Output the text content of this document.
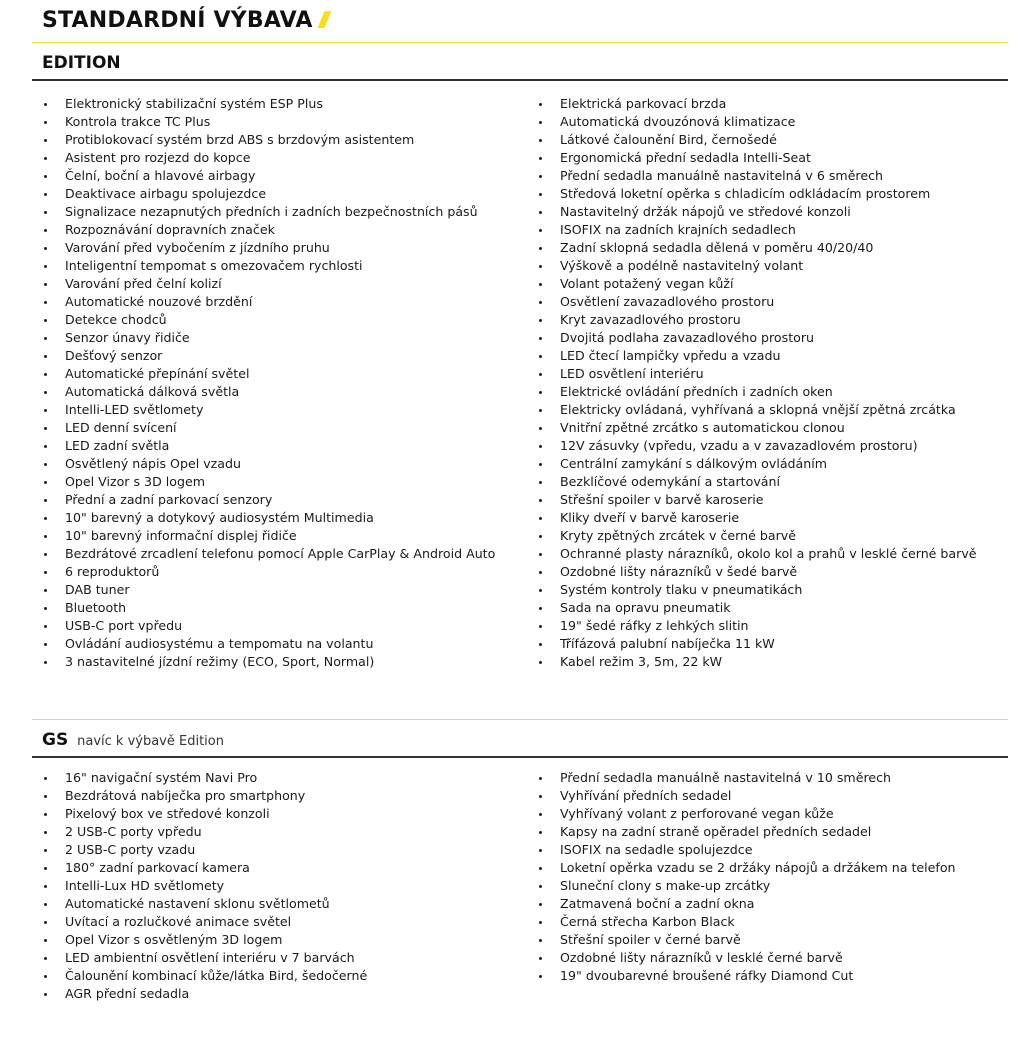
STANDARDNÍ VÝBAVA
EDITION
Elektronický stabilizační systém ESP Plus
Kontrola trakce TC Plus
Protiblokovací systém brzd ABS s brzdovým asistentem
Asistent pro rozjezd do kopce
Čelní, boční a hlavové airbagy
Deaktivace airbagu spolujezdce
Signalizace nezapnutých předních i zadních bezpečnostních pásů
Rozpoznávání dopravních značek
Varování před vybočením z jízdního pruhu
Inteligentní tempomat s omezovačem rychlosti
Varování před čelní kolizí
Automatické nouzové brzdění
Detekce chodců
Senzor únavy řidiče
Dešťový senzor
Automatické přepínání světel
Automatická dálková světla
Intelli-LED světlomety
LED denní svícení
LED zadní světla
Osvětlený nápis Opel vzadu
Opel Vizor s 3D logem
Přední a zadní parkovací senzory
10" barevný a dotykový audiosystém Multimedia
10" barevný informační displej řidiče
Bezdrátové zrcadlení telefonu pomocí Apple CarPlay & Android Auto
6 reproduktorů
DAB tuner
Bluetooth
USB-C port vpředu
Ovládání audiosystému a tempomatu na volantu
3 nastavitelné jízdní režimy (ECO, Sport, Normal)
Elektrická parkovací brzda
Automatická dvouzónová klimatizace
Látkové čalounění Bird, černošedé
Ergonomická přední sedadla Intelli-Seat
Přední sedadla manuálně nastavitelná v 6 směrech
Středová loketní opěrka s chladicím odkládacím prostorem
Nastavitelný držák nápojů ve středové konzoli
ISOFIX na zadních krajních sedadlech
Zadní sklopná sedadla dělená v poměru 40/20/40
Výškově a podélně nastavitelný volant
Volant potažený vegan kůží
Osvětlení zavazadlového prostoru
Kryt zavazadlového prostoru
Dvojitá podlaha zavazadlového prostoru
LED čtecí lampičky vpředu a vzadu
LED osvětlení interiéru
Elektrické ovládání předních i zadních oken
Elektricky ovládaná, vyhřívaná a sklopná vnější zpětná zrcátka
Vnitřní zpětné zrcátko s automatickou clonou
12V zásuvky (vpředu, vzadu a v zavazadlovém prostoru)
Centrální zamykání s dálkovým ovládáním
Bezklíčové odemykání a startování
Střešní spoiler v barvě karoserie
Kliky dveří v barvě karoserie
Kryty zpětných zrcátek v černé barvě
Ochranné plasty nárazníků, okolo kol a prahů v lesklé černé barvě
Ozdobné lišty nárazníků v šedé barvě
Systém kontroly tlaku v pneumatikách
Sada na opravu pneumatik
19" šedé ráfky z lehkých slitin
Třífázová palubní nabíječka 11 kW
Kabel režim 3, 5m, 22 kW
GS navíc k výbavě Edition
16" navigační systém Navi Pro
Bezdrátová nabíječka pro smartphony
Pixelový box ve středové konzoli
2 USB-C porty vpředu
2 USB-C porty vzadu
180° zadní parkovací kamera
Intelli-Lux HD světlomety
Automatické nastavení sklonu světlometů
Uvítací a rozlučkové animace světel
Opel Vizor s osvětleným 3D logem
LED ambientní osvětlení interiéru v 7 barvách
Čalounění kombinací kůže/látka Bird, šedočerné
AGR přední sedadla
Přední sedadla manuálně nastavitelná v 10 směrech
Vyhřívání předních sedadel
Vyhřívaný volant z perforované vegan kůže
Kapsy na zadní straně opěradel předních sedadel
ISOFIX na sedadle spolujezdce
Loketní opěrka vzadu se 2 držáky nápojů a držákem na telefon
Sluneční clony s make-up zrcátky
Zatmavená boční a zadní okna
Černá střecha Karbon Black
Střešní spoiler v černé barvě
Ozdobné lišty nárazníků v lesklé černé barvě
19" dvoubarevné broušené ráfky Diamond Cut
